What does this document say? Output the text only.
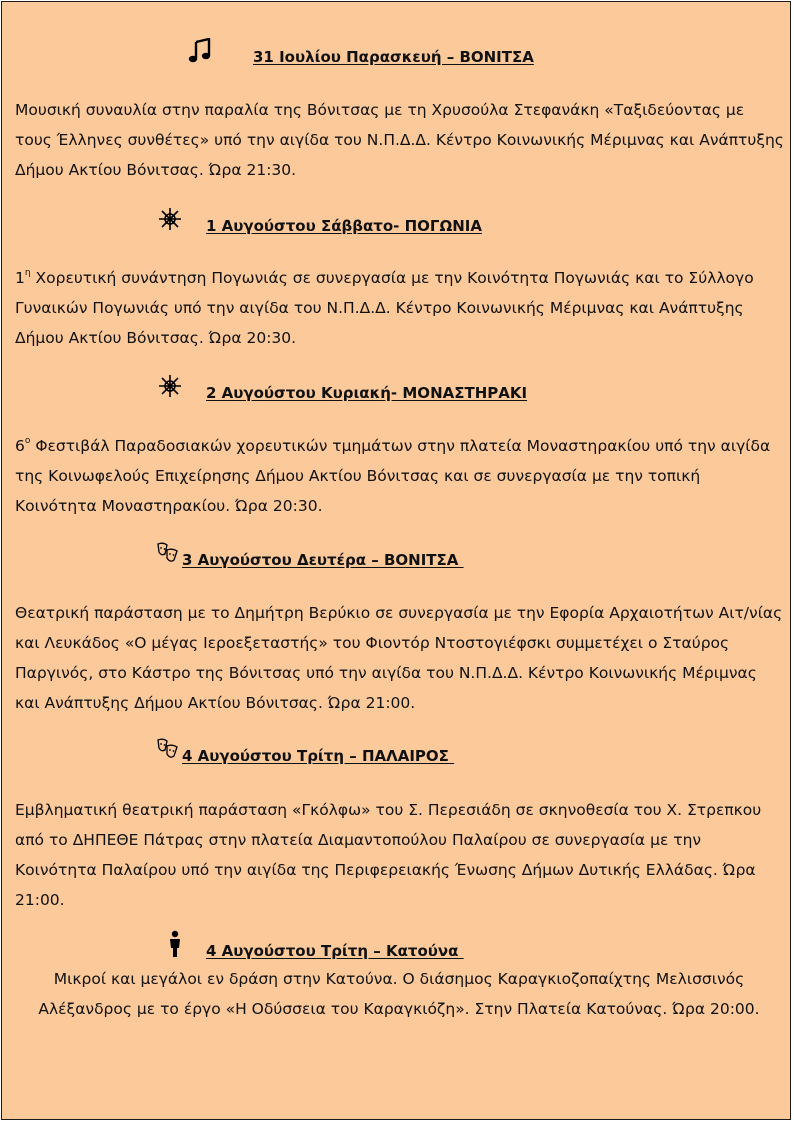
31 Ιουλίου Παρασκευή – ΒΟΝΙΤΣΑ

Μουσική συναυλία στην παραλία της Βόνιτσας με τη Χρυσούλα Στεφανάκη «Ταξιδεύοντας με τους Έλληνες συνθέτες» υπό την αιγίδα του Ν.Π.Δ.Δ. Κέντρο Κοινωνικής Μέριμνας και Ανάπτυξης Δήμου Ακτίου Βόνιτσας. Ώρα 21:30.

1 Αυγούστου Σάββατο- ΠΟΓΩΝΙΑ

$1^\eta$ Χορευτική συνάντηση Πογωνιάς σε συνεργασία με την Κοινότητα Πογωνιάς και το Σύλλογο Γυναικών Πογωνιάς υπό την αιγίδα του Ν.Π.Δ.Δ. Κέντρο Κοινωνικής Μέριμνας και Ανάπτυξης Δήμου Ακτίου Βόνιτσας. Ώρα 20:30.

2 Αυγούστου Κυριακή- ΜΟΝΑΣΤΗΡΑΚΙ

$6^o$ Φεστιβάλ Παραδοσιακών χορευτικών τμημάτων στην πλατεία Μοναστηρακίου υπό την αιγίδα της Κοινωφελούς Επιχείρησης Δήμου Ακτίου Βόνιτσας και σε συνεργασία με την τοπική Κοινότητα Μοναστηρακίου. Ώρα 20:30.

3 Αυγούστου Δευτέρα – ΒΟΝΙΤΣΑ

Θεατρική παράσταση με το Δημήτρη Βερύκιο σε συνεργασία με την Εφορία Αρχαιοτήτων Αιτ/νίας και Λευκάδος «Ο μέγας Ιεροεξεταστής» του Φιοντόρ Ντοστογιέφσκι συμμετέχει ο Σταύρος Παργινός, στο Κάστρο της Βόνιτσας υπό την αιγίδα του Ν.Π.Δ.Δ. Κέντρο Κοινωνικής Μέριμνας και Ανάπτυξης Δήμου Ακτίου Βόνιτσας. Ώρα 21:00.

4 Αυγούστου Τρίτη – ΠΑΛΑΙΡΟΣ

Εμβληματική θεατρική παράσταση «Γκόλφω» του Σ. Περεσιάδη σε σκηνοθεσία του Χ. Στρεπκου από το ΔΗΠΕΘΕ Πάτρας στην πλατεία Διαμαντοπούλου Παλαίρου σε συνεργασία με την Κοινότητα Παλαίρου υπό την αιγίδα της Περιφερειακής Ένωσης Δήμων Δυτικής Ελλάδας. Ώρα 21:00.

4 Αυγούστου Τρίτη – Κατούνα

Μικροί και μεγάλοι εν δράση στην Κατούνα. Ο διάσημος Καραγκιοζοπαίχτης Μελισσινός Αλέξανδρος με το έργο «Η Οδύσσεια του Καραγκιόζη». Στην Πλατεία Κατούνας. Ώρα 20:00.
